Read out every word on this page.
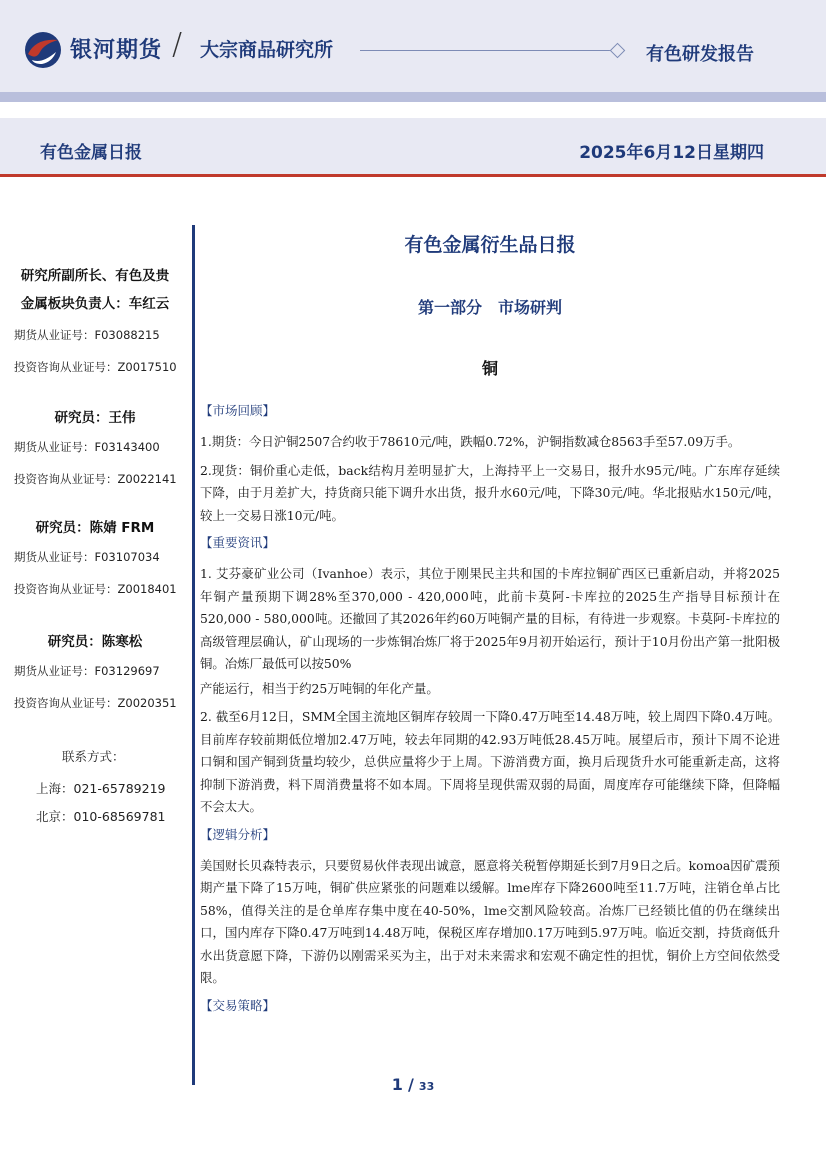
银河期货 / 大宗商品研究所	有色研发报告
有色金属日报	2025年6月12日星期四
研究所副所长、有色及贵
金属板块负责人：车红云
期货从业证号：F03088215
投资咨询从业证号：Z0017510
研究员：王伟
期货从业证号：F03143400
投资咨询从业证号：Z0022141
研究员：陈婧 FRM
期货从业证号：F03107034
投资咨询从业证号：Z0018401
研究员：陈寒松
期货从业证号：F03129697
投资咨询从业证号：Z0020351
联系方式：
上海：021-65789219
北京：010-68569781
有色金属衍生品日报
第一部分　市场研判
铜
【市场回顾】

1.期货：今日沪铜2507合约收于78610元/吨，跌幅0.72%，沪铜指数减仓8563手至57.09万手。

2.现货：铜价重心走低，back结构月差明显扩大，上海持平上一交易日，报升水95元/吨。广东库存延续下降，由于月差扩大，持货商只能下调升水出货，报升水60元/吨，下降30元/吨。华北报贴水150元/吨，较上一交易日涨10元/吨。

【重要资讯】

1. 艾芬豪矿业公司（Ivanhoe）表示，其位于刚果民主共和国的卡库拉铜矿西区已重新启动，并将2025年铜产量预期下调28%至370,000 - 420,000吨，此前卡莫阿-卡库拉的2025生产指导目标预计在520,000 - 580,000吨。还撤回了其2026年约60万吨铜产量的目标，有待进一步观察。卡莫阿-卡库拉的高级管理层确认，矿山现场的一步炼铜冶炼厂将于2025年9月初开始运行，预计于10月份出产第一批阳极铜。冶炼厂最低可以按50%

产能运行，相当于约25万吨铜的年化产量。

2. 截至6月12日，SMM全国主流地区铜库存较周一下降0.47万吨至14.48万吨，较上周四下降0.4万吨。目前库存较前期低位增加2.47万吨，较去年同期的42.93万吨低28.45万吨。展望后市，预计下周不论进口铜和国产铜到货量均较少，总供应量将少于上周。下游消费方面，换月后现货升水可能重新走高，这将抑制下游消费，料下周消费量将不如本周。下周将呈现供需双弱的局面，周度库存可能继续下降，但降幅不会太大。

【逻辑分析】

美国财长贝森特表示，只要贸易伙伴表现出诚意，愿意将关税暂停期延长到7月9日之后。komoa因矿震预期产量下降了15万吨，铜矿供应紧张的问题难以缓解。lme库存下降2600吨至11.7万吨，注销仓单占比58%，值得关注的是仓单库存集中度在40-50%，lme交割风险较高。冶炼厂已经锁比值的仍在继续出口，国内库存下降0.47万吨到14.48万吨，保税区库存增加0.17万吨到5.97万吨。临近交割，持货商低升水出货意愿下降，下游仍以刚需采买为主，出于对未来需求和宏观不确定性的担忧，铜价上方空间依然受限。

【交易策略】
1 / 33
